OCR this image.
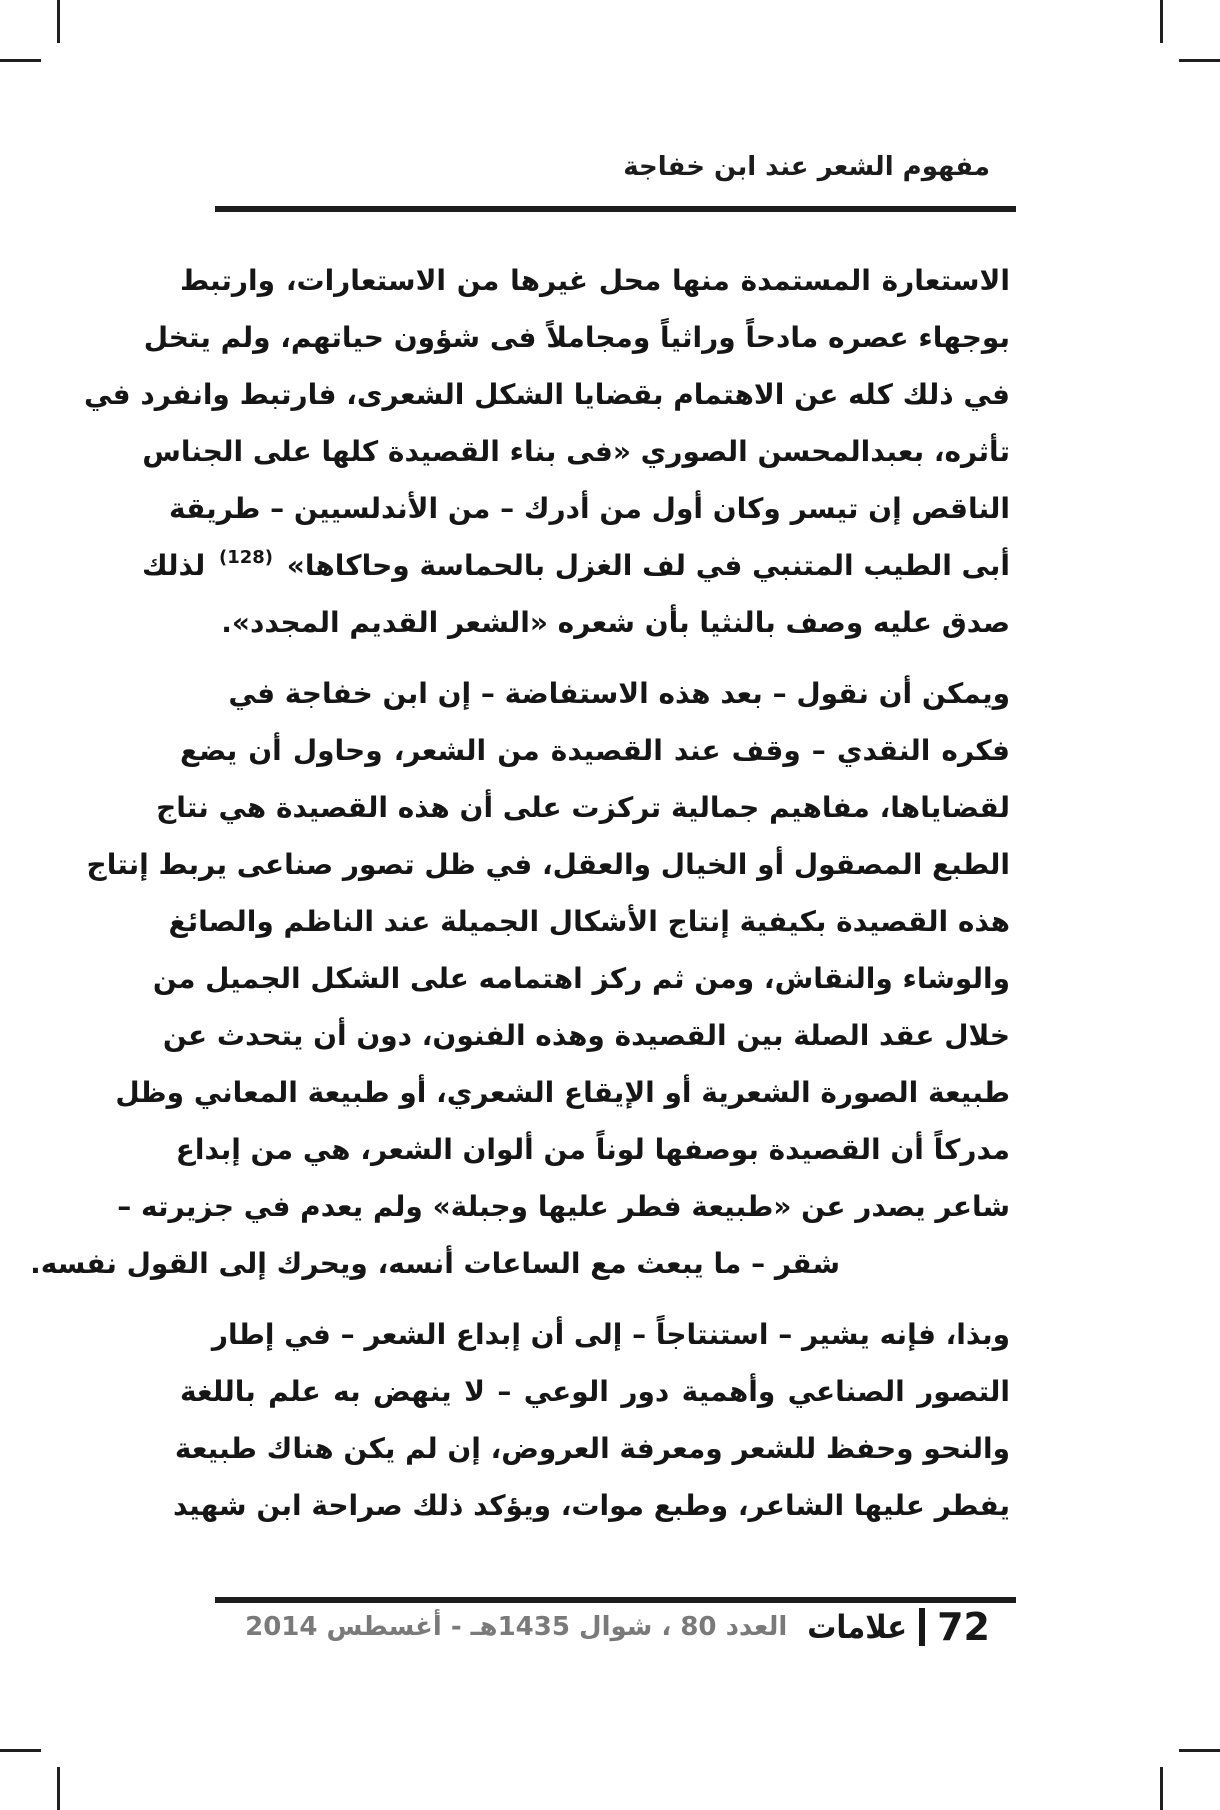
مفهوم الشعر عند ابن خفاجة
الاستعارة المستمدة منها محل غيرها من الاستعارات، وارتبط
بوجهاء عصره مادحاً وراثياً ومجاملاً فى شؤون حياتهم، ولم يتخل
في ذلك كله عن الاهتمام بقضايا الشكل الشعرى، فارتبط وانفرد في
تأثره، بعبدالمحسن الصوري «فى بناء القصيدة كلها على الجناس
الناقص إن تيسر وكان أول من أدرك – من الأندلسيين – طريقة
أبى الطيب المتنبي في لف الغزل بالحماسة وحاكاها» $^{(128)}$ لذلك
صدق عليه وصف بالنثيا بأن شعره «الشعر القديم المجدد».
ويمكن أن نقول – بعد هذه الاستفاضة – إن ابن خفاجة في
فكره النقدي – وقف عند القصيدة من الشعر، وحاول أن يضع
لقضاياها، مفاهيم جمالية تركزت على أن هذه القصيدة هي نتاج
الطبع المصقول أو الخيال والعقل، في ظل تصور صناعى يربط إنتاج
هذه القصيدة بكيفية إنتاج الأشكال الجميلة عند الناظم والصائغ
والوشاء والنقاش، ومن ثم ركز اهتمامه على الشكل الجميل من
خلال عقد الصلة بين القصيدة وهذه الفنون، دون أن يتحدث عن
طبيعة الصورة الشعرية أو الإيقاع الشعري، أو طبيعة المعاني وظل
مدركاً أن القصيدة بوصفها لوناً من ألوان الشعر، هي من إبداع
شاعر يصدر عن «طبيعة فطر عليها وجبلة» ولم يعدم في جزيرته –
شقر – ما يبعث مع الساعات أنسه، ويحرك إلى القول نفسه.
وبذا، فإنه يشير – استنتاجاً – إلى أن إبداع الشعر – في إطار
التصور الصناعي وأهمية دور الوعي – لا ينهض به علم باللغة
والنحو وحفظ للشعر ومعرفة العروض، إن لم يكن هناك طبيعة
يفطر عليها الشاعر، وطبع موات، ويؤكد ذلك صراحة ابن شهيد
72
علامات
العدد 80 ، شوال 1435هـ - أغسطس 2014
